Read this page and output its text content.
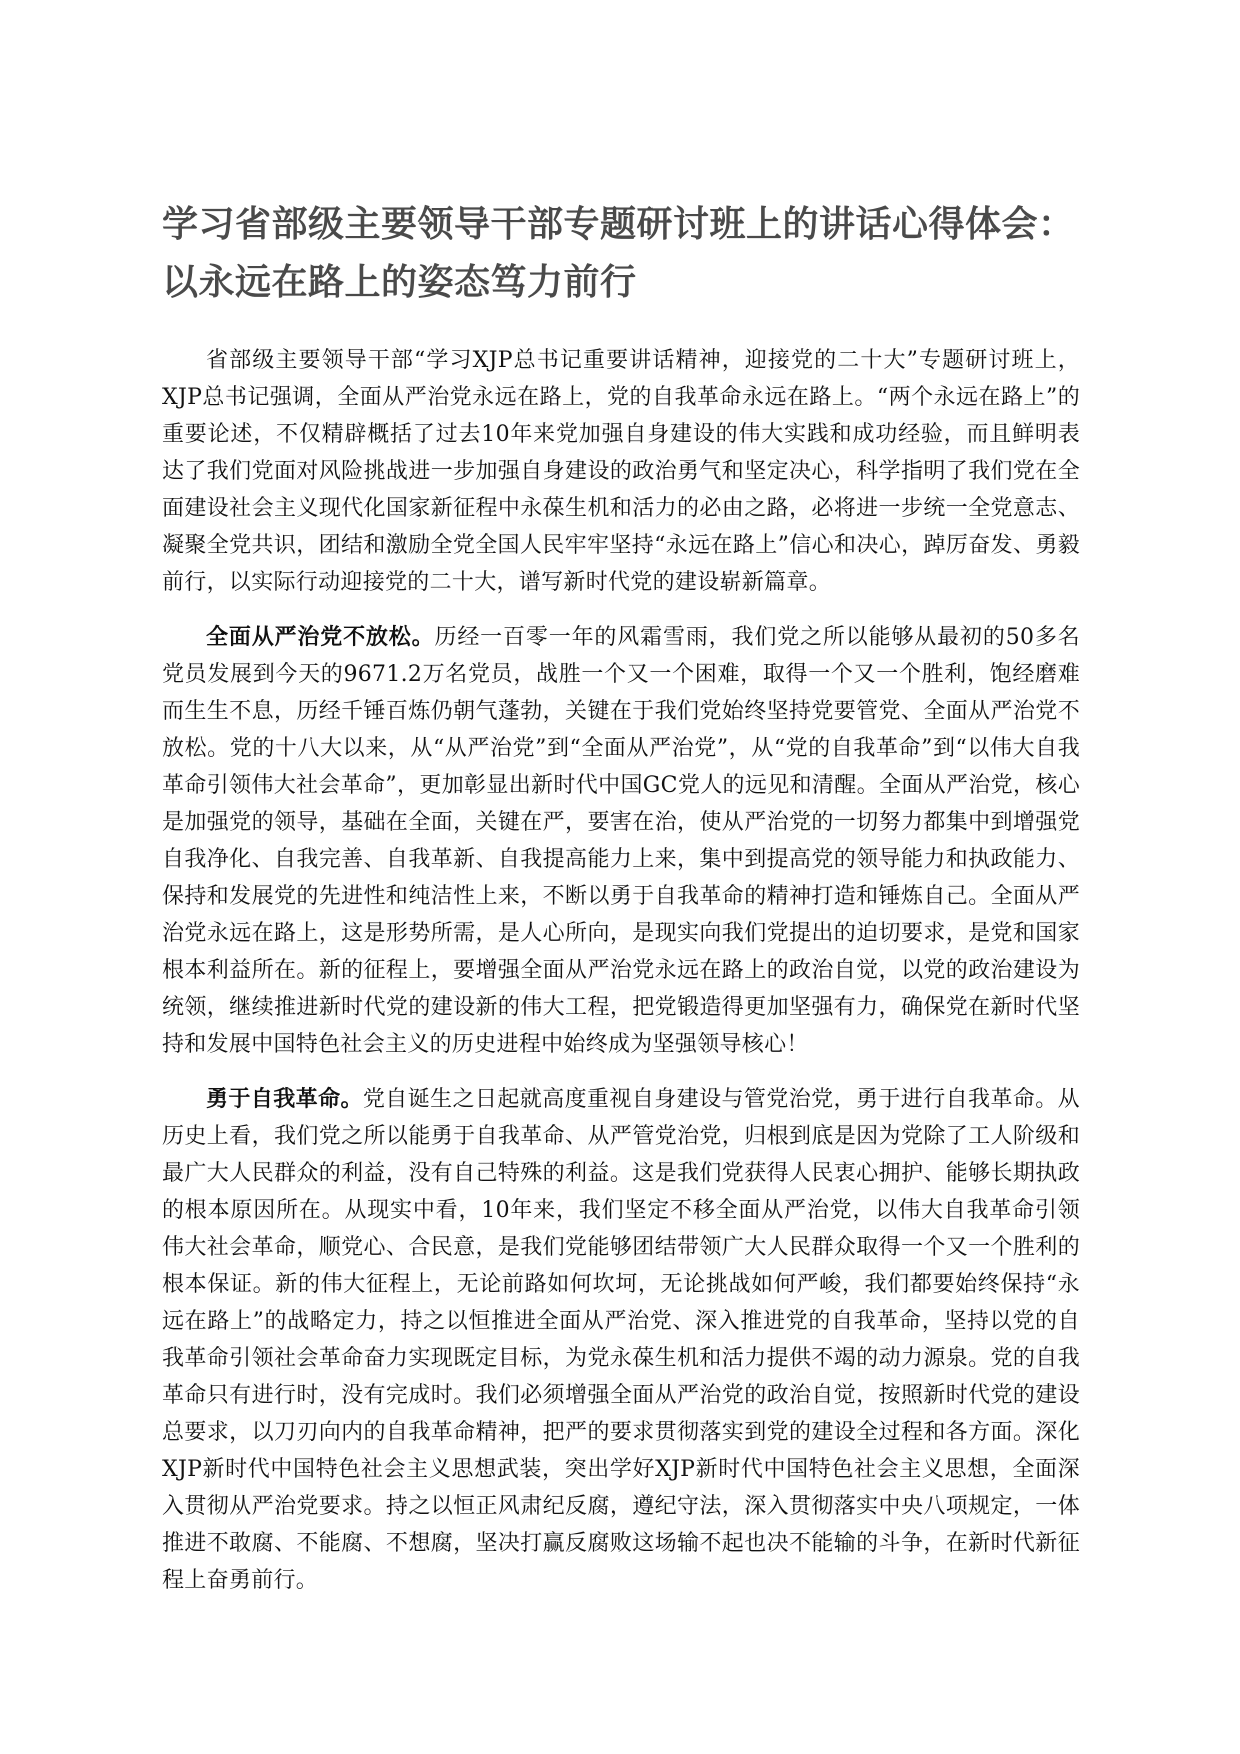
学习省部级主要领导干部专题研讨班上的讲话心得体会：
以永远在路上的姿态笃力前行

省部级主要领导干部“学习XJP总书记重要讲话精神，迎接党的二十大”专题研讨班上，XJP总书记强调，全面从严治党永远在路上，党的自我革命永远在路上。“两个永远在路上”的重要论述，不仅精辟概括了过去10年来党加强自身建设的伟大实践和成功经验，而且鲜明表达了我们党面对风险挑战进一步加强自身建设的政治勇气和坚定决心，科学指明了我们党在全面建设社会主义现代化国家新征程中永葆生机和活力的必由之路，必将进一步统一全党意志、凝聚全党共识，团结和激励全党全国人民牢牢坚持“永远在路上”信心和决心，踔厉奋发、勇毅前行，以实际行动迎接党的二十大，谱写新时代党的建设崭新篇章。

全面从严治党不放松。历经一百零一年的风霜雪雨，我们党之所以能够从最初的50多名党员发展到今天的9671.2万名党员，战胜一个又一个困难，取得一个又一个胜利，饱经磨难而生生不息，历经千锤百炼仍朝气蓬勃，关键在于我们党始终坚持党要管党、全面从严治党不放松。党的十八大以来，从“从严治党”到“全面从严治党”，从“党的自我革命”到“以伟大自我革命引领伟大社会革命”，更加彰显出新时代中国GC党人的远见和清醒。全面从严治党，核心是加强党的领导，基础在全面，关键在严，要害在治，使从严治党的一切努力都集中到增强党自我净化、自我完善、自我革新、自我提高能力上来，集中到提高党的领导能力和执政能力、保持和发展党的先进性和纯洁性上来，不断以勇于自我革命的精神打造和锤炼自己。全面从严治党永远在路上，这是形势所需，是人心所向，是现实向我们党提出的迫切要求，是党和国家根本利益所在。新的征程上，要增强全面从严治党永远在路上的政治自觉，以党的政治建设为统领，继续推进新时代党的建设新的伟大工程，把党锻造得更加坚强有力，确保党在新时代坚持和发展中国特色社会主义的历史进程中始终成为坚强领导核心！

勇于自我革命。党自诞生之日起就高度重视自身建设与管党治党，勇于进行自我革命。从历史上看，我们党之所以能勇于自我革命、从严管党治党，归根到底是因为党除了工人阶级和最广大人民群众的利益，没有自己特殊的利益。这是我们党获得人民衷心拥护、能够长期执政的根本原因所在。从现实中看，10年来，我们坚定不移全面从严治党，以伟大自我革命引领伟大社会革命，顺党心、合民意，是我们党能够团结带领广大人民群众取得一个又一个胜利的根本保证。新的伟大征程上，无论前路如何坎坷，无论挑战如何严峻，我们都要始终保持“永远在路上”的战略定力，持之以恒推进全面从严治党、深入推进党的自我革命，坚持以党的自我革命引领社会革命奋力实现既定目标，为党永葆生机和活力提供不竭的动力源泉。党的自我革命只有进行时，没有完成时。我们必须增强全面从严治党的政治自觉，按照新时代党的建设总要求，以刀刃向内的自我革命精神，把严的要求贯彻落实到党的建设全过程和各方面。深化XJP新时代中国特色社会主义思想武装，突出学好XJP新时代中国特色社会主义思想，全面深入贯彻从严治党要求。持之以恒正风肃纪反腐，遵纪守法，深入贯彻落实中央八项规定，一体推进不敢腐、不能腐、不想腐，坚决打赢反腐败这场输不起也决不能输的斗争，在新时代新征程上奋勇前行。
